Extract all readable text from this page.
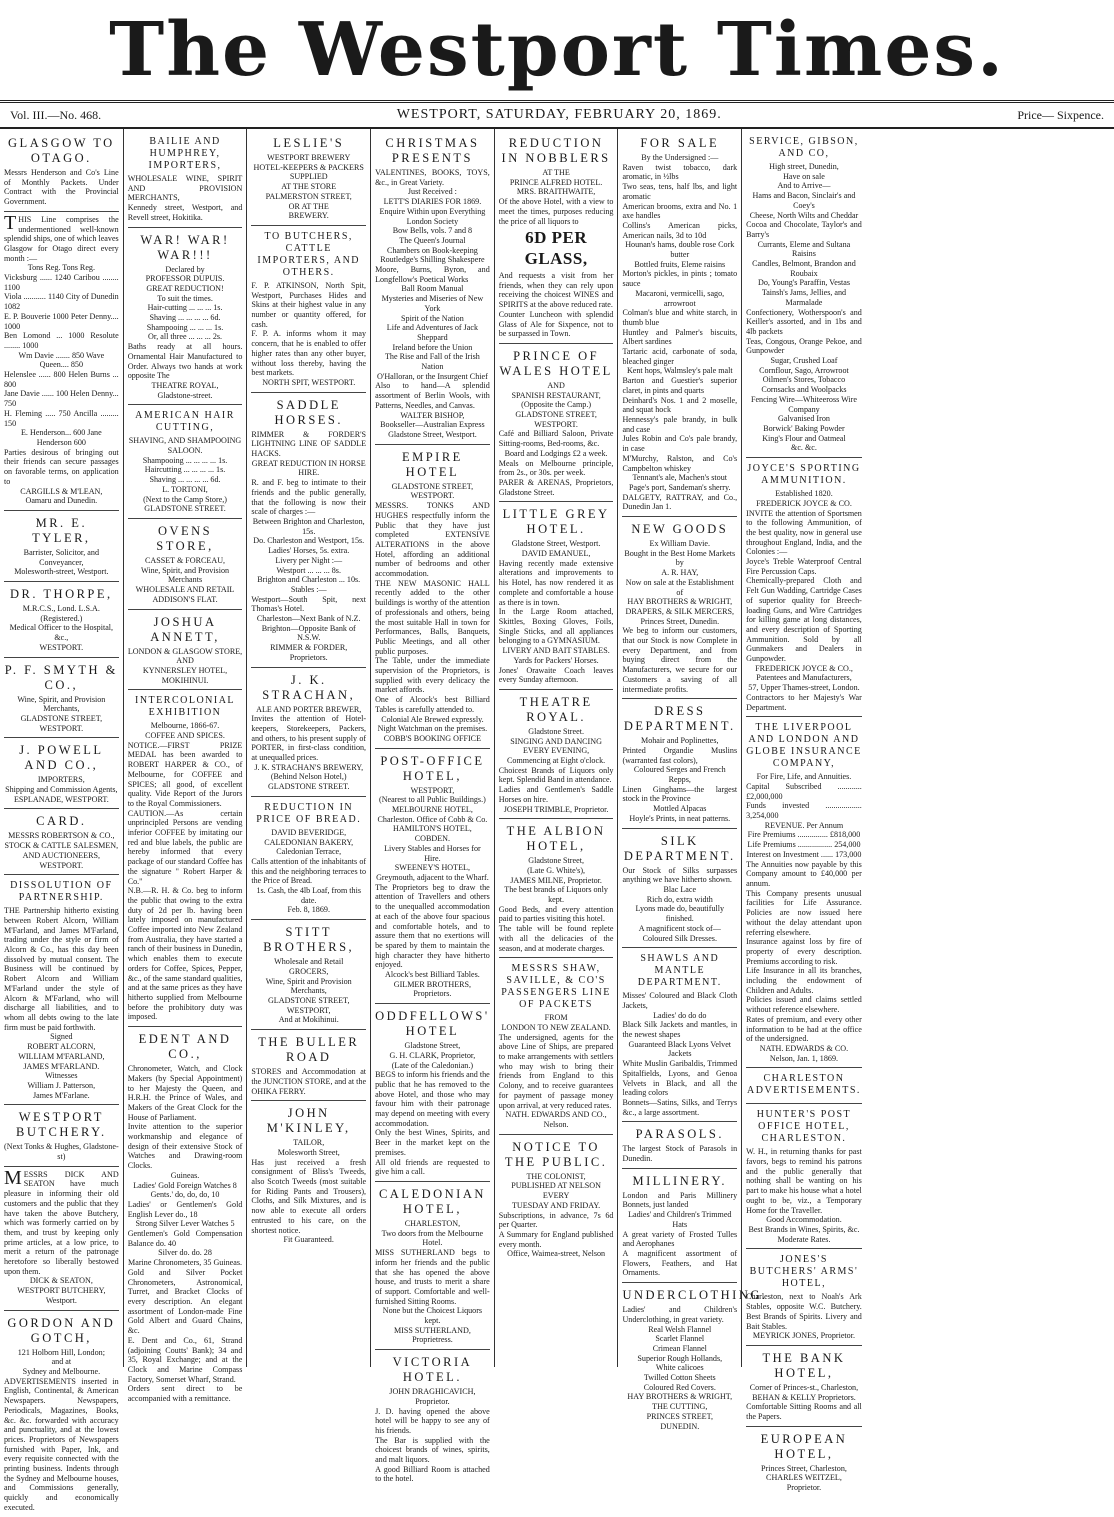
The Westport Times.
Vol. III.—No. 468.	WESTPORT, SATURDAY, FEBRUARY 20, 1869.	Price— Sixpence.
GLASGOW TO OTAGO.

Messrs Henderson and Co's Line of Monthly Packets. Under Contract with the Provincial Government.

THIS Line comprises the undermentioned well-known splendid ships, one of which leaves Glasgow for Otago direct every month :—

Tons Reg. Tons Reg.

Vicksburg ...... 1240 Caribou ........ 1100

Viola ........... 1140 City of Dunedin 1082

E. P. Bouverie 1000 Peter Denny.... 1000

Ben Lomond ... 1000 Resolute ........ 1000

Wm Davie ....... 850 Wave Queen.... 850

Helenslee ...... 800 Helen Burns ... 800

Jane Davie ...... 100 Helen Denny... 750

H. Fleming ..... 750 Ancilla ......... 150

E. Henderson... 600 Jane Henderson 600

Parties desirous of bringing out their friends can secure passages on favorable terms, on application to

CARGILLS & M'LEAN,

Oamaru and Dunedin.

MR. E. TYLER,

Barrister, Solicitor, and Conveyancer,

Molesworth-street, Westport.

DR. THORPE,

M.R.C.S., Lond. L.S.A. (Registered.)

Medical Officer to the Hospital, &c.,

WESTPORT.

P. F. SMYTH & CO.,

Wine, Spirit, and Provision Merchants,

GLADSTONE STREET,

WESTPORT.

J. POWELL AND CO.,

IMPORTERS,

Shipping and Commission Agents,

ESPLANADE, WESTPORT.

CARD.

MESSRS ROBERTSON & CO.,

STOCK & CATTLE SALESMEN,

AND AUCTIONEERS,

WESTPORT.

DISSOLUTION OF PARTNERSHIP.

THE Partnership hitherto existing between Robert Alcorn, William M'Farland, and James M'Farland, trading under the style or firm of Alcorn & Co., has this day been dissolved by mutual consent. The Business will be continued by Robert Alcorn and William M'Farland under the style of Alcorn & M'Farland, who will discharge all liabilities, and to whom all debts owing to the late firm must be paid forthwith.

Signed

ROBERT ALCORN,

WILLIAM M'FARLAND,

JAMES M'FARLAND.

Witnesses

William J. Patterson,

James M'Farlane.

WESTPORT BUTCHERY.

(Next Tonks & Hughes, Gladstone-st)

MESSRS DICK AND SEATON have much pleasure in informing their old customers and the public that they have taken the above Butchery, which was formerly carried on by them, and trust by keeping only prime articles, at a low price, to merit a return of the patronage heretofore so liberally bestowed upon them.

DICK & SEATON,

WESTPORT BUTCHERY,

Westport.

GORDON AND GOTCH,

121 Holborn Hill, London;

and at

Sydney and Melbourne.

ADVERTISEMENTS inserted in English, Continental, & American Newspapers. Newspapers, Periodicals, Magazines, Books, &c. &c. forwarded with accuracy and punctuality, and at the lowest prices. Proprietors of Newspapers furnished with Paper, Ink, and every requisite connected with the printing business. Indents through the Sydney and Melbourne houses, and Commissions generally, quickly and economically executed.

BAILIE AND HUMPHREY, IMPORTERS,

WHOLESALE WINE, SPIRIT AND PROVISION MERCHANTS,

Kennedy street, Westport, and Revell street, Hokitika.

WAR! WAR! WAR!!!

Declared by

PROFESSOR DUPUIS.

GREAT REDUCTION!

To suit the times.

Hair-cutting ... ... ... 1s.

Shaving ... ... ... ... 6d.

Shampooing ... ... ... 1s.

Or, all three ... ... ... 2s.

Baths ready at all hours. Ornamental Hair Manufactured to Order. Always two hands at work opposite The

THEATRE ROYAL,

Gladstone-street.

AMERICAN HAIR CUTTING,

SHAVING, AND SHAMPOOING SALOON.

Shampooing ... ... ... ... 1s.

Haircutting ... ... ... ... 1s.

Shaving ... ... ... ... 6d.

L. TORTONI,

(Next to the Camp Store,)

GLADSTONE STREET.

OVENS STORE,

CASSET & FORCEAU,

Wine, Spirit, and Provision Merchants

WHOLESALE AND RETAIL

ADDISON'S FLAT.

JOSHUA ANNETT,

LONDON & GLASGOW STORE,

AND

KYNNERSLEY HOTEL,

MOKIHINUI.

INTERCOLONIAL EXHIBITION

Melbourne, 1866-67.

COFFEE AND SPICES.

NOTICE.—FIRST PRIZE MEDAL has been awarded to ROBERT HARPER & CO., of Melbourne, for COFFEE and SPICES; all good, of excellent quality. Vide Report of the Jurors to the Royal Commissioners.

CAUTION.—As certain unprincipled Persons are vending inferior COFFEE by imitating our red and blue labels, the public are hereby informed that every package of our standard Coffee has the signature " Robert Harper & Co."

N.B.—R. H. & Co. beg to inform the public that owing to the extra duty of 2d per lb. having been lately imposed on manufactured Coffee imported into New Zealand from Australia, they have started a ranch of their business in Dunedin, which enables them to execute orders for Coffee, Spices, Pepper, &c., of the same standard qualities, and at the same prices as they have hitherto supplied from Melbourne before the prohibitory duty was imposed.

EDENT AND CO.,

Chronometer, Watch, and Clock Makers (by Special Appointment) to her Majesty the Queen, and H.R.H. the Prince of Wales, and Makers of the Great Clock for the House of Parliament.

Invite attention to the superior workmanship and elegance of design of their extensive Stock of Watches and Drawing-room Clocks.

Guineas.

Ladies' Gold Foreign Watches 8

Gents.' do, do, do, 10

Ladies' or Gentlemen's Gold English Lever do., 18

Strong Silver Lever Watches 5

Gentlemen's Gold Compensation Balance do. 40

Silver do. do. 28

Marine Chronometers, 35 Guineas.

Gold and Silver Pocket Chronometers, Astronomical, Turret, and Bracket Clocks of every description. An elegant assortment of London-made Fine Gold Albert and Guard Chains, &c.

E. Dent and Co., 61, Strand (adjoining Coutts' Bank); 34 and 35, Royal Exchange; and at the Clock and Marine Compass Factory, Somerset Wharf, Strand.

Orders sent direct to be accompanied with a remittance.

LESLIE'S

WESTPORT BREWERY

HOTEL-KEEPERS & PACKERS

SUPPLIED

AT THE STORE

PALMERSTON STREET,

OR AT THE

BREWERY.

TO BUTCHERS, CATTLE IMPORTERS, AND OTHERS.

F. P. ATKINSON, North Spit, Westport, Purchases Hides and Skins at their highest value in any number or quantity offered, for cash.

F. P. A. informs whom it may concern, that he is enabled to offer higher rates than any other buyer, without loss thereby, having the best markets.

NORTH SPIT, WESTPORT.

SADDLE HORSES.

RIMMER & FORDER'S LIGHTNING LINE OF SADDLE HACKS.

GREAT REDUCTION IN HORSE HIRE.

R. and F. beg to intimate to their friends and the public generally, that the following is now their scale of charges :—

Between Brighton and Charleston, 15s.

Do. Charleston and Westport, 15s.

Ladies' Horses, 5s. extra.

Livery per Night :—

Westport ... ... ... 8s.

Brighton and Charleston ... 10s.

Stables :—

Westport—South Spit, next Thomas's Hotel.

Charleston—Next Bank of N.Z.

Brighton—Opposite Bank of N.S.W.

RIMMER & FORDER, Proprietors.

J. K. STRACHAN,

ALE AND PORTER BREWER,

Invites the attention of Hotel-keepers, Storekeepers, Packers, and others, to his present supply of PORTER, in first-class condition, at unequalled prices.

J. K. STRACHAN'S BREWERY,

(Behind Nelson Hotel,)

GLADSTONE STREET.

REDUCTION IN PRICE OF BREAD.

DAVID BEVERIDGE,

CALEDONIAN BAKERY,

Caledonian Terrace,

Calls attention of the inhabitants of this and the neighboring terraces to the Price of Bread.

1s. Cash, the 4lb Loaf, from this date.

Feb. 8, 1869.

STITT BROTHERS,

Wholesale and Retail

GROCERS,

Wine, Spirit and Provision Merchants,

GLADSTONE STREET, WESTPORT,

And at Mokihinui.

THE BULLER ROAD

STORES and Accommodation at the JUNCTION STORE, and at the OHIKA FERRY.

JOHN M'KINLEY,

TAILOR,

Molesworth Street,

Has just received a fresh consignment of Bliss's Tweeds, also Scotch Tweeds (most suitable for Riding Pants and Trousers), Cloths, and Silk Mixtures, and is now able to execute all orders entrusted to his care, on the shortest notice.

Fit Guaranteed.

CHRISTMAS PRESENTS

VALENTINES, BOOKS, TOYS, &c., in Great Variety.

Just Received :

LETT'S DIARIES FOR 1869.

Enquire Within upon Everything

London Society

Bow Bells, vols. 7 and 8

The Queen's Journal

Chambers on Book-keeping

Routledge's Shilling Shakespere

Moore, Burns, Byron, and Longfellow's Poetical Works

Ball Room Manual

Mysteries and Miseries of New York

Spirit of the Nation

Life and Adventures of Jack Sheppard

Ireland before the Union

The Rise and Fall of the Irish Nation

O'Halloran, or the Insurgent Chief

Also to hand—A splendid assortment of Berlin Wools, with Patterns, Needles, and Canvas.

WALTER BISHOP,

Bookseller—Australian Express

Gladstone Street, Westport.

EMPIRE HOTEL

GLADSTONE STREET,

WESTPORT.

MESSRS. TONKS AND HUGHES respectfully inform the Public that they have just completed EXTENSIVE ALTERATIONS in the above Hotel, affording an additional number of bedrooms and other accommodation.

THE NEW MASONIC HALL recently added to the other buildings is worthy of the attention of professionals and others, being the most suitable Hall in town for Performances, Balls, Banquets, Public Meetings, and all other public purposes.

The Table, under the immediate supervision of the Proprietors, is supplied with every delicacy the market affords.

One of Alcock's best Billiard Tables is carefully attended to.

Colonial Ale Brewed expressly.

Night Watchman on the premises.

COBB'S BOOKING OFFICE

POST-OFFICE HOTEL,

WESTPORT,

(Nearest to all Public Buildings.)

MELBOURNE HOTEL,

Charleston. Office of Cobb & Co.

HAMILTON'S HOTEL, COBDEN.

Livery Stables and Horses for Hire.

SWEENEY'S HOTEL,

Greymouth, adjacent to the Wharf.

The Proprietors beg to draw the attention of Travellers and others to the unequalled accommodation at each of the above four spacious and comfortable hotels, and to assure them that no exertions will be spared by them to maintain the high character they have hitherto enjoyed.

Alcock's best Billiard Tables.

GILMER BROTHERS, Proprietors.

ODDFELLOWS' HOTEL

Gladstone Street,

G. H. CLARK, Proprietor,

(Late of the Caledonian.)

BEGS to inform his friends and the public that he has removed to the above Hotel, and those who may favour him with their patronage may depend on meeting with every accommodation.

Only the best Wines, Spirits, and Beer in the market kept on the premises.

All old friends are requested to give him a call.

CALEDONIAN HOTEL,

CHARLESTON,

Two doors from the Melbourne Hotel.

MISS SUTHERLAND begs to inform her friends and the public that she has opened the above house, and trusts to merit a share of support. Comfortable and well-furnished Sitting Rooms.

None but the Choicest Liquors kept.

MISS SUTHERLAND, Proprietress.

VICTORIA HOTEL.

JOHN DRAGHICAVICH, Proprietor.

J. D. having opened the above hotel will be happy to see any of his friends.

The Bar is supplied with the choicest brands of wines, spirits, and malt liquors.

A good Billiard Room is attached to the hotel.

REDUCTION IN NOBBLERS

AT THE

PRINCE ALFRED HOTEL.

MRS. BRAITHWAITE,

Of the above Hotel, with a view to meet the times, purposes reducing the price of all liquors to

6D PER GLASS,

And requests a visit from her friends, when they can rely upon receiving the choicest WINES and SPIRITS at the above reduced rate.

Counter Luncheon with splendid Glass of Ale for Sixpence, not to be surpassed in Town.

PRINCE OF WALES HOTEL

AND

SPANISH RESTAURANT,

(Opposite the Camp.)

GLADSTONE STREET, WESTPORT.

Café and Billiard Saloon, Private Sitting-rooms, Bed-rooms, &c.

Board and Lodgings £2 a week.

Meals on Melbourne principle, from 2s., or 30s. per week.

PARER & ARENAS, Proprietors, Gladstone Street.

LITTLE GREY HOTEL.

Gladstone Street, Westport.

DAVID EMANUEL,

Having recently made extensive alterations and improvements to his Hotel, has now rendered it as complete and comfortable a house as there is in town.

In the Large Room attached, Skittles, Boxing Gloves, Foils, Single Sticks, and all appliances belonging to a GYMNASIUM.

LIVERY AND BAIT STABLES.

Yards for Packers' Horses.

Jones' Orawaite Coach leaves every Sunday afternoon.

THEATRE ROYAL.

Gladstone Street.

SINGING AND DANCING EVERY EVENING,

Commencing at Eight o'clock.

Choicest Brands of Liquors only kept. Splendid Band in attendance.

Ladies and Gentlemen's Saddle Horses on hire.

JOSEPH TRIMBLE, Proprietor.

THE ALBION HOTEL,

Gladstone Street,

(Late G. White's),

JAMES MILNE, Proprietor.

The best brands of Liquors only kept.

Good Beds, and every attention paid to parties visiting this hotel.

The table will be found replete with all the delicacies of the season, and at moderate charges.

MESSRS SHAW, SAVILLE, & CO'S PASSENGERS LINE OF PACKETS

FROM

LONDON TO NEW ZEALAND.

The undersigned, agents for the above Line of Ships, are prepared to make arrangements with settlers who may wish to bring their friends from England to this Colony, and to receive guarantees for payment of passage money upon arrival, at very reduced rates.

NATH. EDWARDS AND CO., Nelson.

NOTICE TO THE PUBLIC.

THE COLONIST,

PUBLISHED AT NELSON EVERY

TUESDAY AND FRIDAY.

Subscriptions, in advance, 7s 6d per Quarter.

A Summary for England published every month.

Office, Waimea-street, Nelson

FOR SALE

By the Undersigned :—

Raven twist tobacco, dark aromatic, in ½lbs

Two seas, tens, half lbs, and light aromatic

American brooms, extra and No. 1 axe handles

Collins's American picks, American nails, 3d to 10d

Hounan's hams, double rose Cork butter

Bottled fruits, Eleme raisins

Morton's pickles, in pints ; tomato sauce

Macaroni, vermicelli, sago, arrowroot

Colman's blue and white starch, in thumb blue

Huntley and Palmer's biscuits, Albert sardines

Tartaric acid, carbonate of soda, bleached ginger

Kent hops, Walmsley's pale malt

Barton and Guestier's superior claret, in pints and quarts

Deinhard's Nos. 1 and 2 moselle, and squat hock

Hennessy's pale brandy, in bulk and case

Jules Robin and Co's pale brandy, in case

M'Murchy, Ralston, and Co's Campbelton whiskey

Tennant's ale, Machen's stout

Page's port, Sandeman's sherry.

DALGETY, RATTRAY, and Co., Dunedin Jan 1.

NEW GOODS

Ex William Davie.

Bought in the Best Home Markets by

A. R. HAY,

Now on sale at the Establishment of

HAY BROTHERS & WRIGHT,

DRAPERS, & SILK MERCERS,

Princes Street, Dunedin.

We beg to inform our customers, that our Stock is now Complete in every Department, and from buying direct from the Manufacturers, we secure for our Customers a saving of all intermediate profits.

DRESS DEPARTMENT.

Mohair and Poplinettes,

Printed Organdie Muslins (warranted fast colors),

Coloured Serges and French Repps,

Linen Ginghams—the largest stock in the Province

Mottled Alpacas

Hoyle's Prints, in neat patterns.

SILK DEPARTMENT.

Our Stock of Silks surpasses anything we have hitherto shown.

Blac Lace

Rich do, extra width

Lyons made do, beautifully finished.

A magnificent stock of—

Coloured Silk Dresses.

SHAWLS AND MANTLE DEPARTMENT.

Misses' Coloured and Black Cloth Jackets,

Ladies' do do do

Black Silk Jackets and mantles, in the newest shapes

Guaranteed Black Lyons Velvet Jackets

White Muslin Garibaldis, Trimmed Spitalfields, Lyons, and Genoa Velvets in Black, and all the leading colors

Bonnets—Satins, Silks, and Terrys &c., a large assortment.

PARASOLS.

The largest Stock of Parasols in Dunedin.

MILLINERY.

London and Paris Millinery Bonnets, just landed

Ladies' and Children's Trimmed Hats

A great variety of Frosted Tulles and Aerophanes

A magnificent assortment of Flowers, Feathers, and Hat Ornaments.

UNDERCLOTHING.

Ladies' and Children's Underclothing, in great variety.

Real Welsh Flannel

Scarlet Flannel

Crimean Flannel

Superior Rough Hollands,

White calicoes

Twilled Cotton Sheets

Coloured Red Covers.

HAY BROTHERS & WRIGHT,

THE CUTTING,

PRINCES STREET,

DUNEDIN.

SERVICE, GIBSON, AND CO,

High street, Dunedin,

Have on sale

And to Arrive—

Hams and Bacon, Sinclair's and Coey's

Cheese, North Wilts and Cheddar

Cocoa and Chocolate, Taylor's and Barry's

Currants, Eleme and Sultana Raisins

Candles, Belmont, Brandon and Roubaix

Do, Young's Paraffin, Vestas

Tainsh's Jams, Jellies, and Marmalade

Confectionery, Wotherspoon's and Keiller's assorted, and in 1bs and 4lb packets

Teas, Congous, Orange Pekoe, and Gunpowder

Sugar, Crushed Loaf

Cornflour, Sago, Arrowroot

Oilmen's Stores, Tobacco

Cornsacks and Woolpacks

Fencing Wire—Whiteeross Wire Company

Galvanised Iron

Borwick' Baking Powder

King's Flour and Oatmeal

&c. &c.

JOYCE'S SPORTING AMMUNITION.

Established 1820.

FREDERICK JOYCE & CO.

INVITE the attention of Sportsmen to the following Ammunition, of the best quality, now in general use throughout England, India, and the Colonies :—

Joyce's Treble Waterproof Central Fire Percussion Caps.

Chemically-prepared Cloth and Felt Gun Wadding, Cartridge Cases of superior quality for Breech-loading Guns, and Wire Cartridges for killing game at long distances, and every description of Sporting Ammunition. Sold by all Gunmakers and Dealers in Gunpowder.

FREDERICK JOYCE & CO.,

Patentees and Manufacturers,

57, Upper Thames-street, London.

Contractors to her Majesty's War Department.

THE LIVERPOOL AND LONDON AND GLOBE INSURANCE COMPANY,

For Fire, Life, and Annuities.

Capital Subscribed ............ £2,000,000

Funds invested .................. 3,254,000

REVENUE. Per Annum

Fire Premiums ............... £818,000

Life Premiums ................. 254,000

Interest on Investment ...... 173,000

The Annuities now payable by this Company amount to £40,000 per annum.

This Company presents unusual facilities for Life Assurance. Policies are now issued here without the delay attendant upon referring elsewhere.

Insurance against loss by fire of property of every description. Premiums according to risk.

Life Insurance in all its branches, including the endowment of Children and Adults.

Policies issued and claims settled without reference elsewhere.

Rates of premium, and every other information to be had at the office of the undersigned.

NATH. EDWARDS & CO.

Nelson, Jan. 1, 1869.

CHARLESTON ADVERTISEMENTS.
HUNTER'S POST OFFICE HOTEL, CHARLESTON.

W. H., in returning thanks for past favors, begs to remind his patrons and the public generally that nothing shall be wanting on his part to make his house what a hotel ought to be, viz., a Temporary Home for the Traveller.

Good Accommodation.

Best Brands in Wines, Spirits, &c.

Moderate Rates.

JONES'S BUTCHERS' ARMS' HOTEL,

Charleston, next to Noah's Ark Stables, opposite W.C. Butchery. Best Brands of Spirits. Livery and Bait Stables.

MEYRICK JONES, Proprietor.

THE BANK HOTEL,

Corner of Princes-st., Charleston,

BEHAN & KELLY Proprietors.

Comfortable Sitting Rooms and all the Papers.

EUROPEAN HOTEL,

Princes Street, Charleston,

CHARLES WEITZEL,

Proprietor.
